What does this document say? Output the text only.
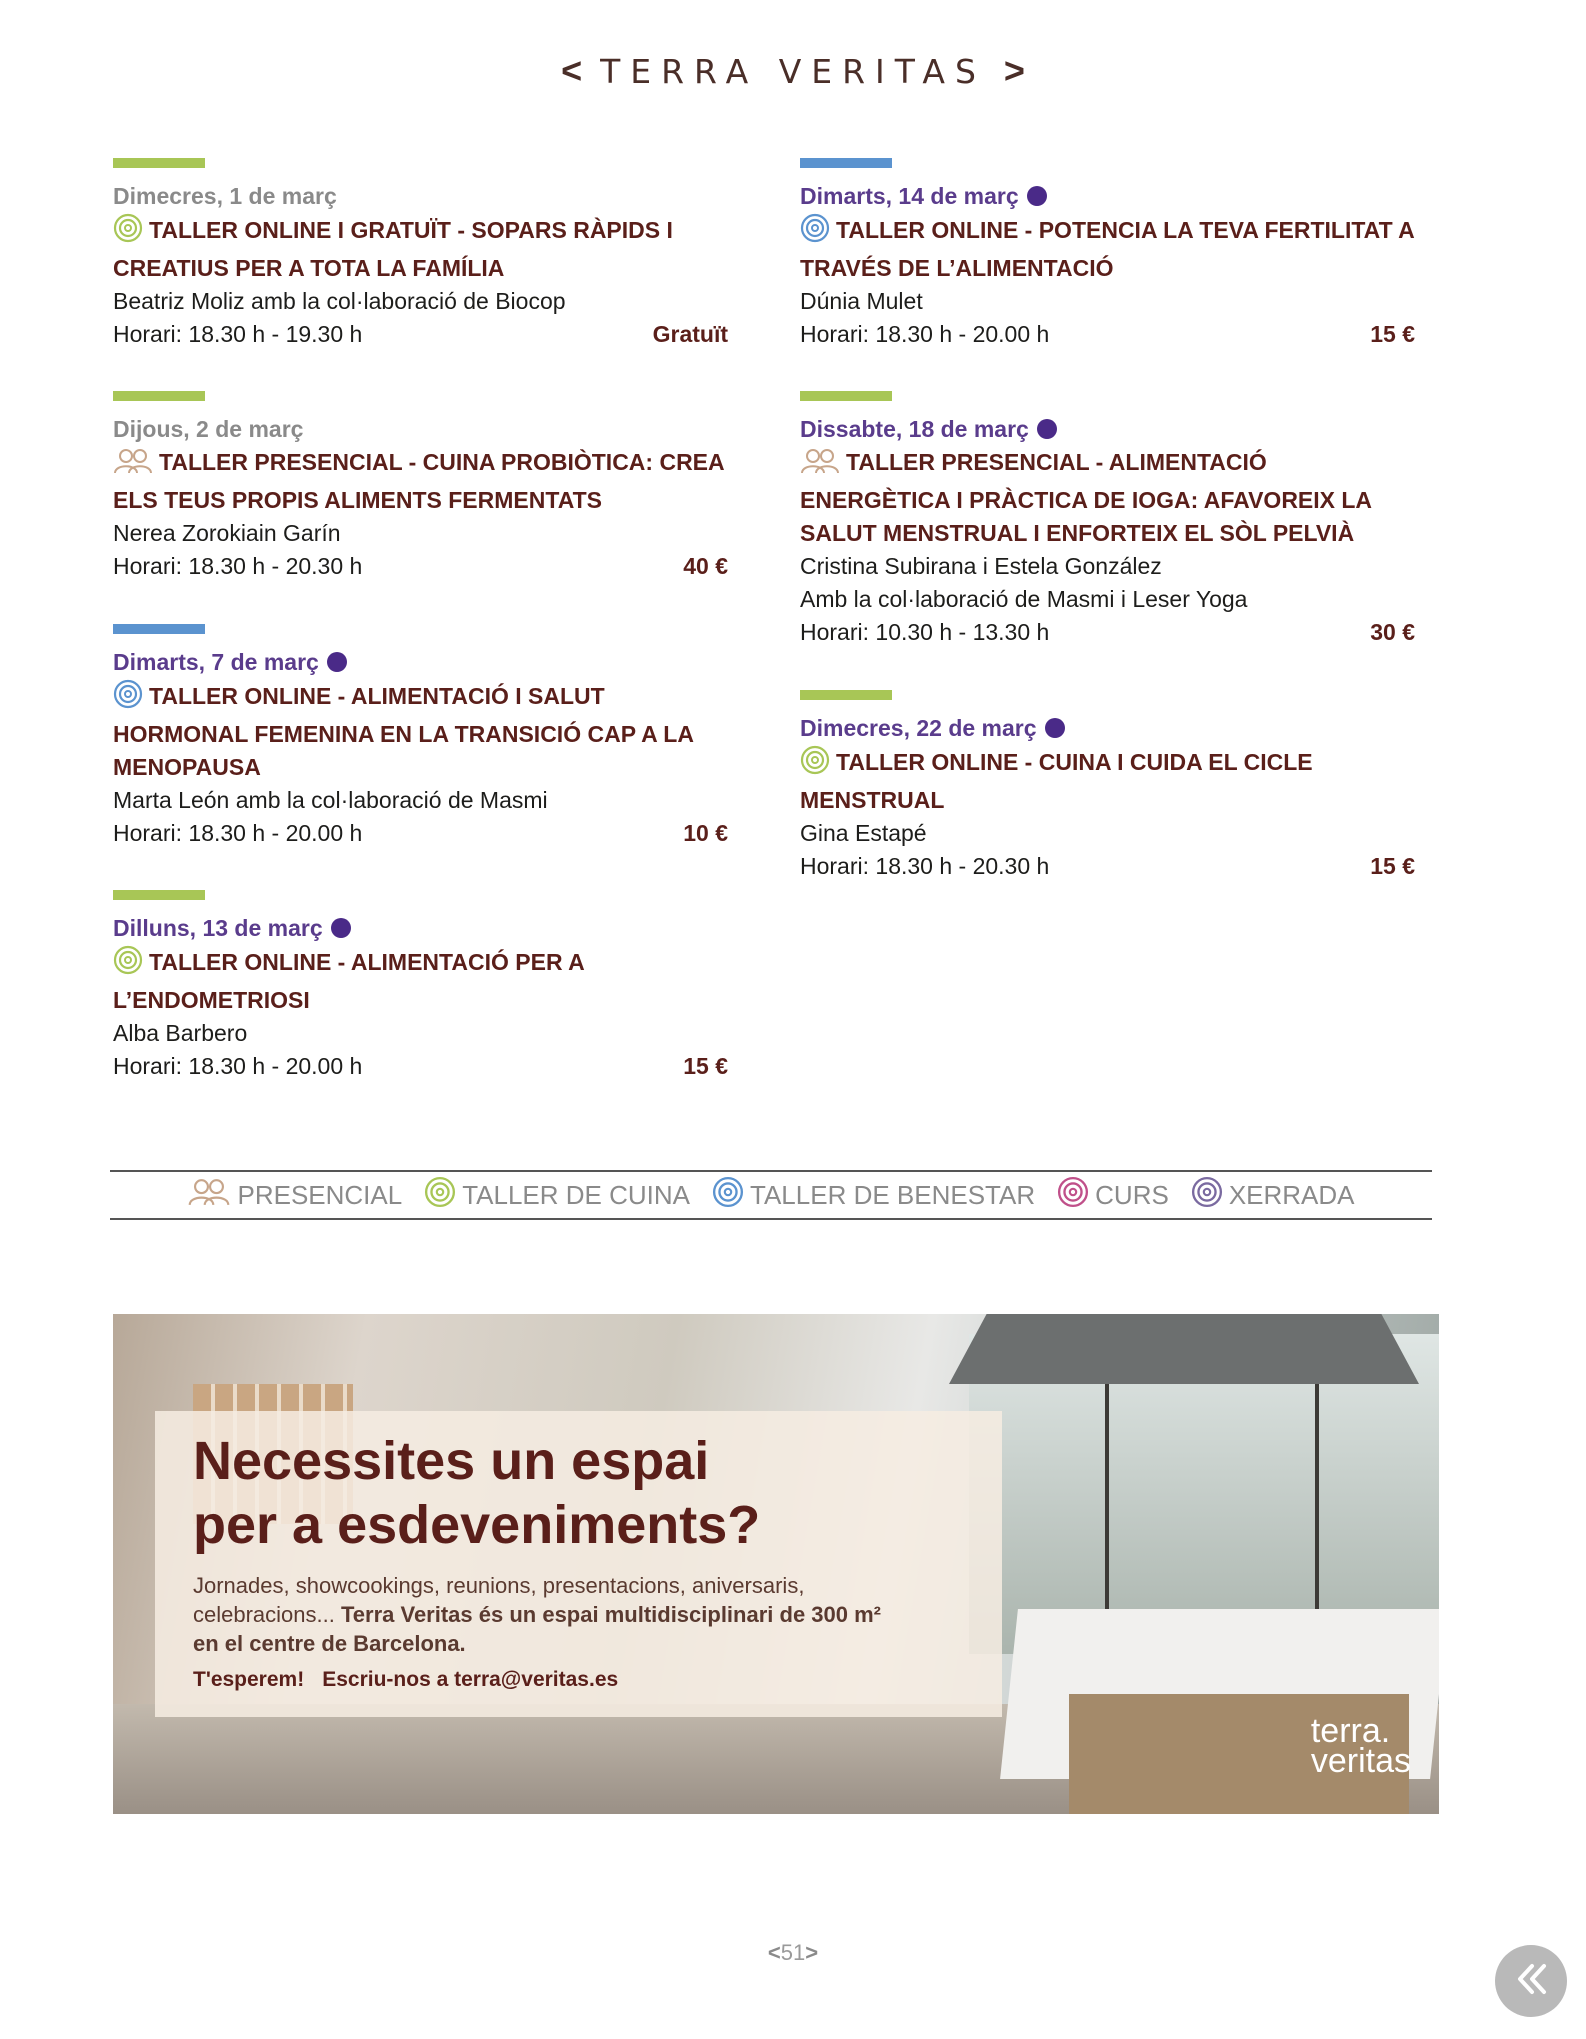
< TERRA VERITAS >
Dimecres, 1 de març
TALLER ONLINE I GRATUÏT - SOPARS RÀPIDS I CREATIUS PER A TOTA LA FAMÍLIA
Beatriz Moliz amb la col·laboració de Biocop
Horari: 18.30 h - 19.30 h	Gratuït
Dijous, 2 de març
TALLER PRESENCIAL - CUINA PROBIÒTICA: CREA ELS TEUS PROPIS ALIMENTS FERMENTATS
Nerea Zorokiain Garín
Horari: 18.30 h - 20.30 h	40 €
Dimarts, 7 de març
TALLER ONLINE - ALIMENTACIÓ I SALUT HORMONAL FEMENINA EN LA TRANSICIÓ CAP A LA MENOPAUSA
Marta León amb la col·laboració de Masmi
Horari: 18.30 h - 20.00 h	10 €
Dilluns, 13 de març
TALLER ONLINE - ALIMENTACIÓ PER A L’ENDOMETRIOSI
Alba Barbero
Horari: 18.30 h - 20.00 h	15 €
Dimarts, 14 de març
TALLER ONLINE - POTENCIA LA TEVA FERTILITAT A TRAVÉS DE L’ALIMENTACIÓ
Dúnia Mulet
Horari: 18.30 h - 20.00 h	15 €
Dissabte, 18 de març
TALLER PRESENCIAL - ALIMENTACIÓ ENERGÈTICA I PRÀCTICA DE IOGA: AFAVOREIX LA SALUT MENSTRUAL I ENFORTEIX EL SÒL PELVIÀ
Cristina Subirana i Estela González
Amb la col·laboració de Masmi i Leser Yoga
Horari: 10.30 h - 13.30 h	30 €
Dimecres, 22 de març
TALLER ONLINE - CUINA I CUIDA EL CICLE MENSTRUAL
Gina Estapé
Horari: 18.30 h - 20.30 h	15 €
PRESENCIAL TALLER DE CUINA TALLER DE BENESTAR CURS XERRADA
Necessites un espai
per a esdeveniments?
Jornades, showcookings, reunions, presentacions, aniversaris,
celebracions... Terra Veritas és un espai multidisciplinari de 300 m²
en el centre de Barcelona.
T'esperem! Escriu-nos a terra@veritas.es
terra.
veritas
<51>
